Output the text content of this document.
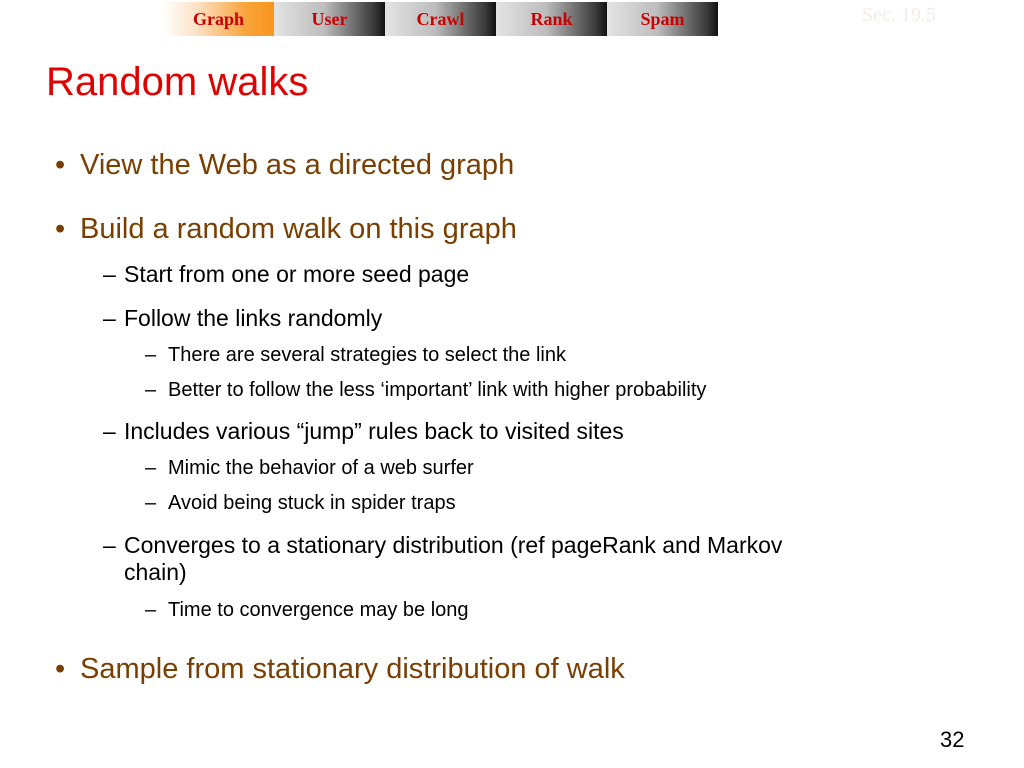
Graph	User	Crawl	Rank	Spam	Sec. 19.5
Random walks
• View the Web as a directed graph
• Build a random walk on this graph
– Start from one or more seed page
– Follow the links randomly
– There are several strategies to select the link
– Better to follow the less ‘important’ link with higher probability
– Includes various “jump” rules back to visited sites
– Mimic the behavior of a web surfer
– Avoid being stuck in spider traps
– Converges to a stationary distribution (ref pageRank and Markov chain)
– Time to convergence may be long
• Sample from stationary distribution of walk
32
